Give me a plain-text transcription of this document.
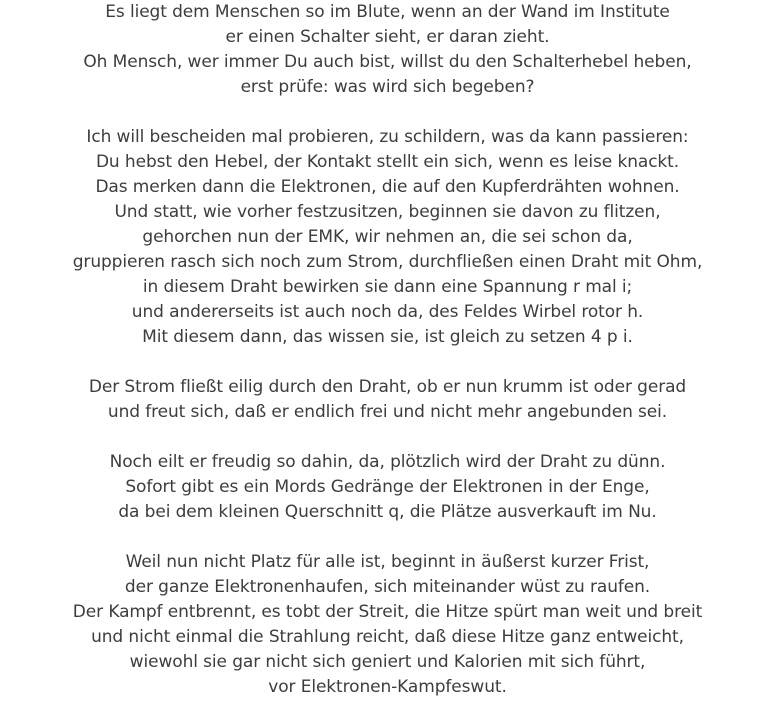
Es liegt dem Menschen so im Blute, wenn an der Wand im Institute
er einen Schalter sieht, er daran zieht.
Oh Mensch, wer immer Du auch bist, willst du den Schalterhebel heben,
erst prüfe: was wird sich begeben?
Ich will bescheiden mal probieren, zu schildern, was da kann passieren:
Du hebst den Hebel, der Kontakt stellt ein sich, wenn es leise knackt.
Das merken dann die Elektronen, die auf den Kupferdrähten wohnen.
Und statt, wie vorher festzusitzen, beginnen sie davon zu flitzen,
gehorchen nun der EMK, wir nehmen an, die sei schon da,
gruppieren rasch sich noch zum Strom, durchfließen einen Draht mit Ohm,
in diesem Draht bewirken sie dann eine Spannung r mal i;
und andererseits ist auch noch da, des Feldes Wirbel rotor h.
Mit diesem dann, das wissen sie, ist gleich zu setzen 4 p i.
Der Strom fließt eilig durch den Draht, ob er nun krumm ist oder gerad
und freut sich, daß er endlich frei und nicht mehr angebunden sei.
Noch eilt er freudig so dahin, da, plötzlich wird der Draht zu dünn.
Sofort gibt es ein Mords Gedränge der Elektronen in der Enge,
da bei dem kleinen Querschnitt q, die Plätze ausverkauft im Nu.
Weil nun nicht Platz für alle ist, beginnt in äußerst kurzer Frist,
der ganze Elektronenhaufen, sich miteinander wüst zu raufen.
Der Kampf entbrennt, es tobt der Streit, die Hitze spürt man weit und breit
und nicht einmal die Strahlung reicht, daß diese Hitze ganz entweicht,
wiewohl sie gar nicht sich geniert und Kalorien mit sich führt,
vor Elektronen-Kampfeswut.
